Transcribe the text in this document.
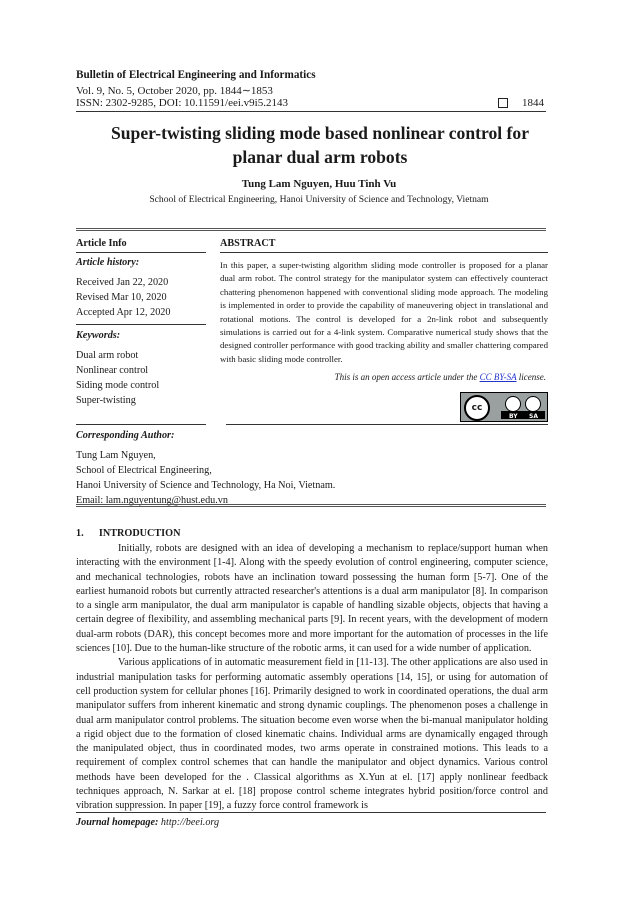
Bulletin of Electrical Engineering and Informatics
Vol. 9, No. 5, October 2020, pp. 1844∼1853
ISSN: 2302-9285, DOI: 10.11591/eei.v9i5.2143	1844
Super-twisting sliding mode based nonlinear control for
planar dual arm robots
Tung Lam Nguyen, Huu Tinh Vu
School of Electrical Engineering, Hanoi University of Science and Technology, Vietnam
Article Info	ABSTRACT
Article history:
Received Jan 22, 2020
Revised Mar 10, 2020
Accepted Apr 12, 2020
Keywords:
Dual arm robot
Nonlinear control
Siding mode control
Super-twisting
In this paper, a super-twisting algorithm sliding mode controller is proposed for a planar dual arm robot. The control strategy for the manipulator system can effectively counteract chattering phenomenon happened with conventional sliding mode approach. The modeling is implemented in order to provide the capability of maneuvering object in translational and rotational motions. The control is developed for a 2n-link robot and subsequently simulations is carried out for a 4-link system. Comparative numerical study shows that the designed controller performance with good tracking ability and smaller chattering compared with basic sliding mode controller.
This is an open access article under the CC BY-SA license.
cc
BY SA
Corresponding Author:
Tung Lam Nguyen,
School of Electrical Engineering,
Hanoi University of Science and Technology, Ha Noi, Vietnam.
Email: lam.nguyentung@hust.edu.vn
1.      INTRODUCTION

Initially, robots are designed with an idea of developing a mechanism to replace/support human when interacting with the environment [1-4]. Along with the speedy evolution of control engineering, computer science, and mechanical technologies, robots have an inclination toward possessing the human form [5-7]. One of the earliest humanoid robots but currently attracted researcher's attentions is a dual arm manipulator [8]. In comparison to a single arm manipulator, the dual arm manipulator is capable of handling sizable objects, objects that having a certain degree of flexibility, and assembling mechanical parts [9]. In recent years, with the development of modern dual-arm robots (DAR), this concept becomes more and more important for the automation of processes in the life sciences [10]. Due to the human-like structure of the robotic arms, it can used for a wide number of application.

Various applications of in automatic measurement field in [11-13]. The other applications are also used in industrial manipulation tasks for performing automatic assembly operations [14, 15], or using for automation of cell production system for cellular phones [16]. Primarily designed to work in coordinated operations, the dual arm manipulator suffers from inherent kinematic and strong dynamic couplings. The phenomenon poses a challenge in dual arm manipulator control problems. The situation become even worse when the bi-manual manipulator holding a rigid object due to the formation of closed kinematic chains. Individual arms are dynamically engaged through the manipulated object, thus in coordinated modes, two arms operate in constrained motions. This leads to a requirement of complex control schemes that can handle the manipulator and object dynamics. Various control methods have been developed for the . Classical algorithms as X.Yun at el. [17] apply nonlinear feedback techniques approach, N. Sarkar at el. [18] propose control scheme integrates hybrid position/force control and vibration suppression. In paper [19], a fuzzy force control framework is

Journal homepage: http://beei.org
